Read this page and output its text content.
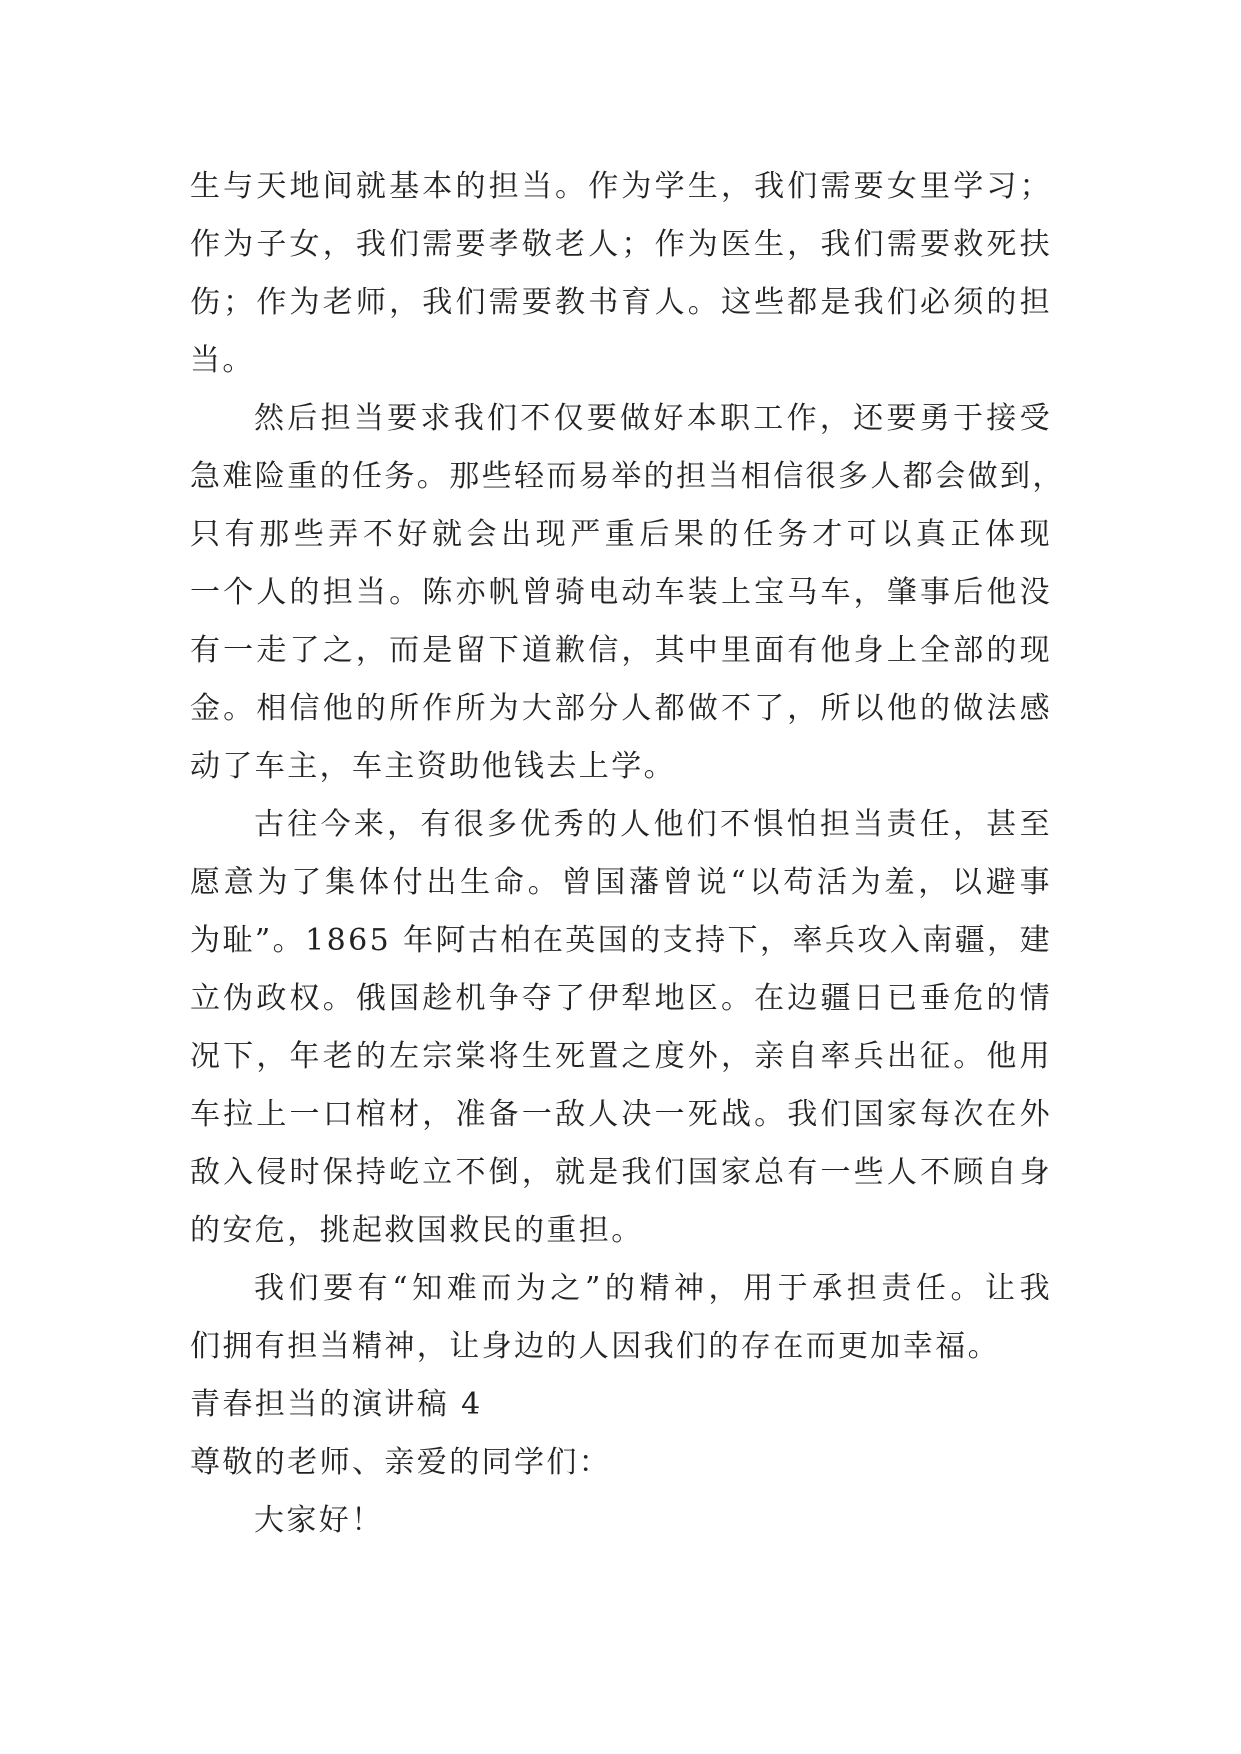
生与天地间就基本的担当。作为学生，我们需要女里学习；
作为子女，我们需要孝敬老人；作为医生，我们需要救死扶
伤；作为老师，我们需要教书育人。这些都是我们必须的担
当。
然后担当要求我们不仅要做好本职工作，还要勇于接受
急难险重的任务。那些轻而易举的担当相信很多人都会做到，
只有那些弄不好就会出现严重后果的任务才可以真正体现
一个人的担当。陈亦帆曾骑电动车装上宝马车，肇事后他没
有一走了之，而是留下道歉信，其中里面有他身上全部的现
金。相信他的所作所为大部分人都做不了，所以他的做法感
动了车主，车主资助他钱去上学。
古往今来，有很多优秀的人他们不惧怕担当责任，甚至
愿意为了集体付出生命。曾国藩曾说“以苟活为羞，以避事
为耻”。1865 年阿古柏在英国的支持下，率兵攻入南疆，建
立伪政权。俄国趁机争夺了伊犁地区。在边疆日已垂危的情
况下，年老的左宗棠将生死置之度外，亲自率兵出征。他用
车拉上一口棺材，准备一敌人决一死战。我们国家每次在外
敌入侵时保持屹立不倒，就是我们国家总有一些人不顾自身
的安危，挑起救国救民的重担。
我们要有“知难而为之”的精神，用于承担责任。让我
们拥有担当精神，让身边的人因我们的存在而更加幸福。
青春担当的演讲稿 4
尊敬的老师、亲爱的同学们：
大家好！
